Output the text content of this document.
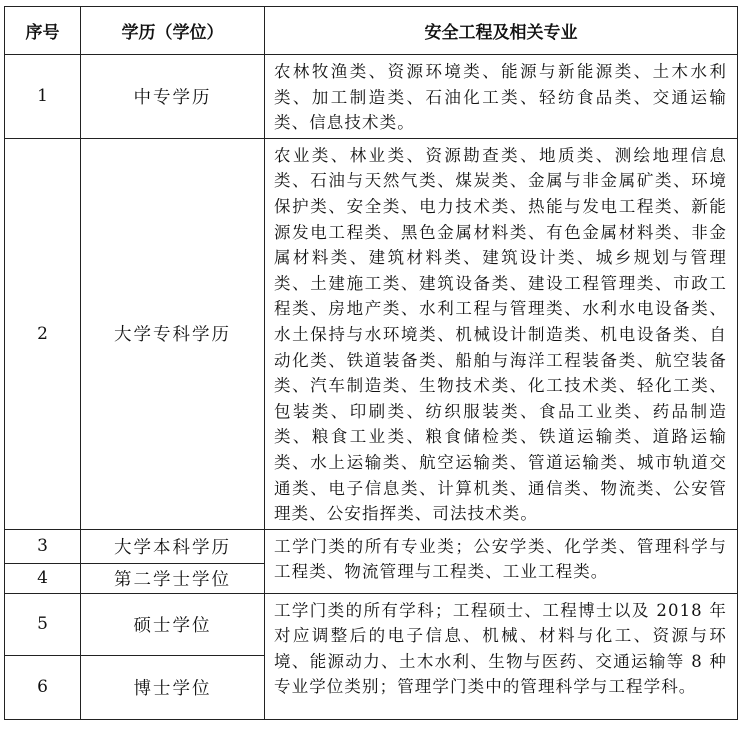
序号	学历（学位）	安全工程及相关专业
1	中专学历	农林牧渔类、资源环境类、能源与新能源类、土木水利类、加工制造类、石油化工类、轻纺食品类、交通运输类、信息技术类。
2	大学专科学历	农业类、林业类、资源勘查类、地质类、测绘地理信息类、石油与天然气类、煤炭类、金属与非金属矿类、环境保护类、安全类、电力技术类、热能与发电工程类、新能源发电工程类、黑色金属材料类、有色金属材料类、非金属材料类、建筑材料类、建筑设计类、城乡规划与管理类、土建施工类、建筑设备类、建设工程管理类、市政工程类、房地产类、水利工程与管理类、水利水电设备类、水土保持与水环境类、机械设计制造类、机电设备类、自动化类、铁道装备类、船舶与海洋工程装备类、航空装备类、汽车制造类、生物技术类、化工技术类、轻化工类、包装类、印刷类、纺织服装类、食品工业类、药品制造类、粮食工业类、粮食储检类、铁道运输类、道路运输类、水上运输类、航空运输类、管道运输类、城市轨道交通类、电子信息类、计算机类、通信类、物流类、公安管理类、公安指挥类、司法技术类。
3	大学本科学历	工学门类的所有专业类；公安学类、化学类、管理科学与工程类、物流管理与工程类、工业工程类。
4	第二学士学位	
5	硕士学位	工学门类的所有学科；工程硕士、工程博士以及 2018 年对应调整后的电子信息、机械、材料与化工、资源与环境、能源动力、土木水利、生物与医药、交通运输等 8 种专业学位类别；管理学门类中的管理科学与工程学科。
6	博士学位	
